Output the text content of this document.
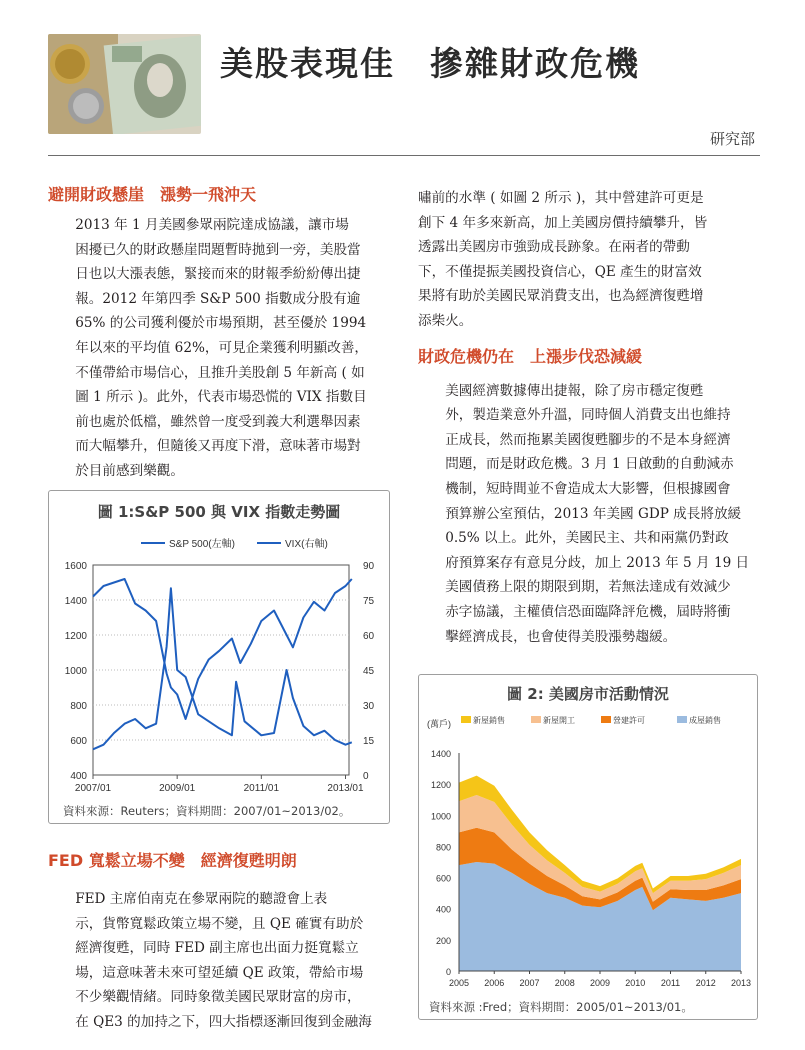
美股表現佳　摻雜財政危機
研究部
避開財政懸崖　漲勢一飛沖天
2013 年 1 月美國參眾兩院達成協議，讓市場
困擾已久的財政懸崖問題暫時拋到一旁，美股當
日也以大漲表態，緊接而來的財報季紛紛傳出捷
報。2012 年第四季 S&P 500 指數成分股有逾
65% 的公司獲利優於市場預期，甚至優於 1994
年以來的平均值 62%，可見企業獲利明顯改善，
不僅帶給市場信心，且推升美股創 5 年新高 ( 如
圖 1 所示 )。此外，代表市場恐慌的 VIX 指數目
前也處於低檔，雖然曾一度受到義大利選舉因素
而大幅攀升，但隨後又再度下滑，意味著市場對
於目前感到樂觀。
圖 1:S&P 500 與 VIX 指數走勢圖
400
600
800
1000
1200
1400
1600
0
15
30
45
60
75
90
2007/01	2009/01	2011/01	2013/01
S&P 500(左軸)	VIX(右軸)
資料來源：Reuters；資料期間：2007/01~2013/02。
FED 寬鬆立場不變　經濟復甦明朗
FED 主席伯南克在參眾兩院的聽證會上表
示，貨幣寬鬆政策立場不變，且 QE 確實有助於
經濟復甦，同時 FED 副主席也出面力挺寬鬆立
場，這意味著未來可望延續 QE 政策，帶給市場
不少樂觀情緒。同時象徵美國民眾財富的房市，
在 QE3 的加持之下，四大指標逐漸回復到金融海
嘯前的水準 ( 如圖 2 所示 )，其中營建許可更是
創下 4 年多來新高，加上美國房價持續攀升，皆
透露出美國房市強勁成長跡象。在兩者的帶動
下，不僅提振美國投資信心，QE 產生的財富效
果將有助於美國民眾消費支出，也為經濟復甦增
添柴火。
財政危機仍在　上漲步伐恐減緩
美國經濟數據傳出捷報，除了房市穩定復甦
外，製造業意外升溫，同時個人消費支出也維持
正成長，然而拖累美國復甦腳步的不是本身經濟
問題，而是財政危機。3 月 1 日啟動的自動減赤
機制，短時間並不會造成太大影響，但根據國會
預算辦公室預估，2013 年美國 GDP 成長將放緩
0.5% 以上。此外，美國民主、共和兩黨仍對政
府預算案存有意見分歧，加上 2013 年 5 月 19 日
美國債務上限的期限到期，若無法達成有效減少
赤字協議，主權債信恐面臨降評危機，屆時將衝
擊經濟成長，也會使得美股漲勢趨緩。
圖 2: 美國房市活動情況
(萬戶)
0
200
400
600
800
1000
1200
1400
2005 2006 2007 2008 2009 2010 2011 2012 2013
新屋銷售	新屋開工	營建許可	成屋銷售
資料來源 :Fred；資料期間：2005/01~2013/01。
